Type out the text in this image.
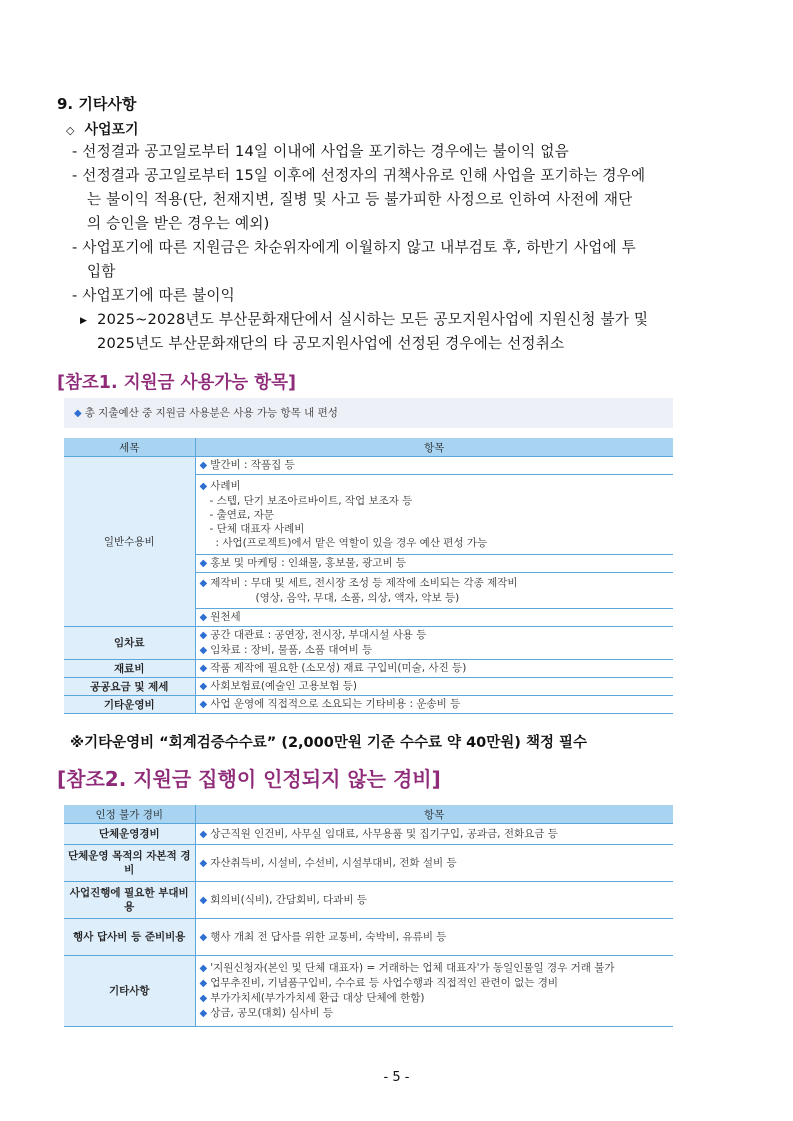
9. 기타사항
◇ 사업포기
- 선정결과 공고일로부터 14일 이내에 사업을 포기하는 경우에는 불이익 없음
- 선정결과 공고일로부터 15일 이후에 선정자의 귀책사유로 인해 사업을 포기하는 경우에
는 불이익 적용(단, 천재지변, 질병 및 사고 등 불가피한 사정으로 인하여 사전에 재단
의 승인을 받은 경우는 예외)
- 사업포기에 따른 지원금은 차순위자에게 이월하지 않고 내부검토 후, 하반기 사업에 투
입함
- 사업포기에 따른 불이익
▶ 2025~2028년도 부산문화재단에서 실시하는 모든 공모지원사업에 지원신청 불가 및
2025년도 부산문화재단의 타 공모지원사업에 선정된 경우에는 선정취소
[참조1. 지원금 사용가능 항목]
◆ 총 지출예산 중 지원금 사용분은 사용 가능 항목 내 편성
세목	항목
일반수용비	◆ 발간비 : 작품집 등

	◆ 사례비
- 스텝, 단기 보조아르바이트, 작업 보조자 등
- 출연료, 자문
- 단체 대표자 사례비
: 사업(프로젝트)에서 맡은 역할이 있을 경우 예산 편성 가능

	◆ 홍보 및 마케팅 : 인쇄물, 홍보물, 광고비 등

	◆ 제작비 : 무대 및 세트, 전시장 조성 등 제작에 소비되는 각종 제작비
(영상, 음악, 무대, 소품, 의상, 액자, 악보 등)

	◆ 원천세
임차료	◆ 공간 대관료 : 공연장, 전시장, 부대시설 사용 등
◆ 임차료 : 장비, 물품, 소품 대여비 등

재료비	◆ 작품 제작에 필요한 (소모성) 재료 구입비(미술, 사진 등)
공공요금 및 제세	◆ 사회보험료(예술인 고용보험 등)
기타운영비	◆ 사업 운영에 직접적으로 소요되는 기타비용 : 운송비 등
※기타운영비 “회계검증수수료” (2,000만원 기준 수수료 약 40만원) 책정 필수
[참조2. 지원금 집행이 인정되지 않는 경비]
인정 불가 경비	항목
단체운영경비	◆ 상근직원 인건비, 사무실 임대료, 사무용품 및 집기구입, 공과금, 전화요금 등
단체운영 목적의 자본적 경비	◆ 자산취득비, 시설비, 수선비, 시설부대비, 전화 설비 등
사업진행에 필요한 부대비용	◆ 회의비(식비), 간담회비, 다과비 등
행사 답사비 등 준비비용	◆ 행사 개최 전 답사를 위한 교통비, 숙박비, 유류비 등
기타사항	◆ '지원신청자(본인 및 단체 대표자) = 거래하는 업체 대표자'가 동일인물일 경우 거래 불가
◆ 업무추진비, 기념품구입비, 수수료 등 사업수행과 직접적인 관련이 없는 경비
◆ 부가가치세(부가가치세 환급 대상 단체에 한함)
◆ 상금, 공모(대회) 심사비 등
- 5 -
